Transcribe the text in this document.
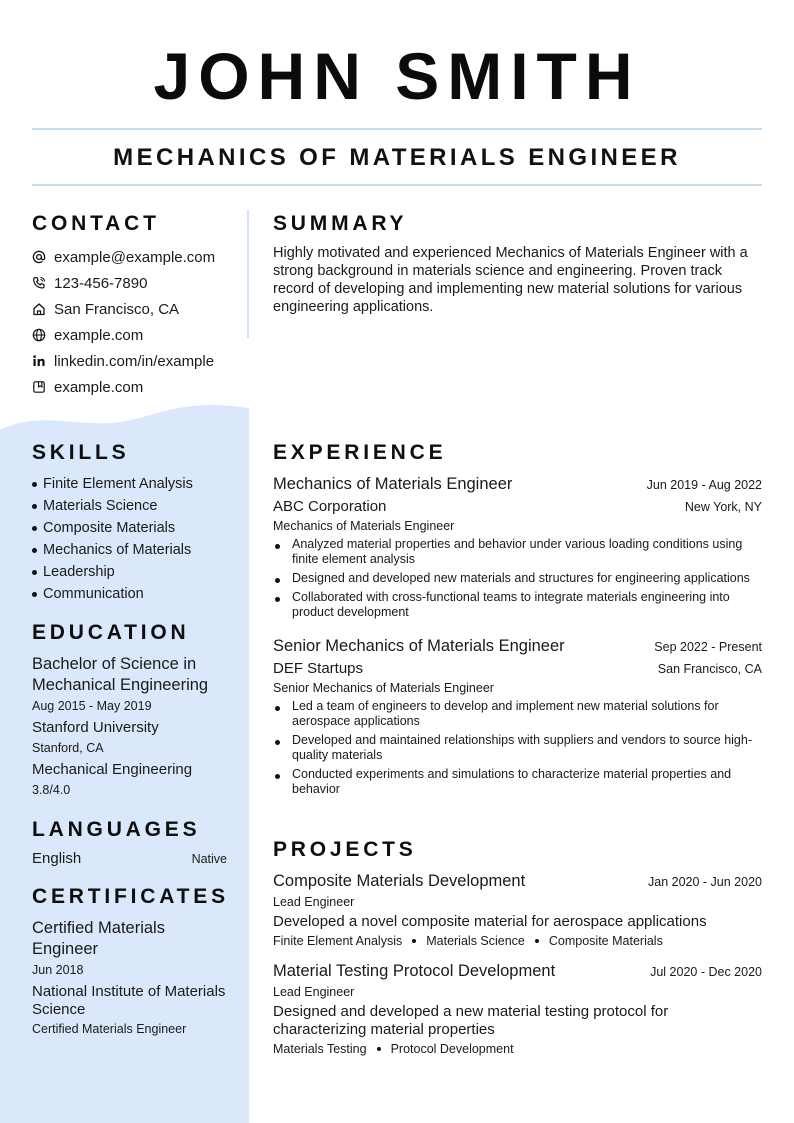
JOHN SMITH
MECHANICS OF MATERIALS ENGINEER
CONTACT
example@example.com
123-456-7890
San Francisco, CA
example.com
linkedin.com/in/example
example.com
SUMMARY

Highly motivated and experienced Mechanics of Materials Engineer with a strong background in materials science and engineering. Proven track record of developing and implementing new material solutions for various engineering applications.

SKILLS
Finite Element Analysis
Materials Science
Composite Materials
Mechanics of Materials
Leadership
Communication
EDUCATION
Bachelor of Science in Mechanical Engineering
Aug 2015 - May 2019
Stanford University
Stanford, CA
Mechanical Engineering
3.8/4.0
LANGUAGES
English	Native
CERTIFICATES
Certified Materials Engineer
Jun 2018
National Institute of Materials Science
Certified Materials Engineer
EXPERIENCE
Mechanics of Materials Engineer	Jun 2019 - Aug 2022
ABC Corporation	New York, NY
Mechanics of Materials Engineer
Analyzed material properties and behavior under various loading conditions using finite element analysis
Designed and developed new materials and structures for engineering applications
Collaborated with cross-functional teams to integrate materials engineering into product development
Senior Mechanics of Materials Engineer	Sep 2022 - Present
DEF Startups	San Francisco, CA
Senior Mechanics of Materials Engineer
Led a team of engineers to develop and implement new material solutions for aerospace applications
Developed and maintained relationships with suppliers and vendors to source high-quality materials
Conducted experiments and simulations to characterize material properties and behavior
PROJECTS
Composite Materials Development	Jan 2020 - Jun 2020
Lead Engineer
Developed a novel composite material for aerospace applications
Finite Element Analysis Materials Science Composite Materials
Material Testing Protocol Development	Jul 2020 - Dec 2020
Lead Engineer
Designed and developed a new material testing protocol for characterizing material properties
Materials Testing Protocol Development
